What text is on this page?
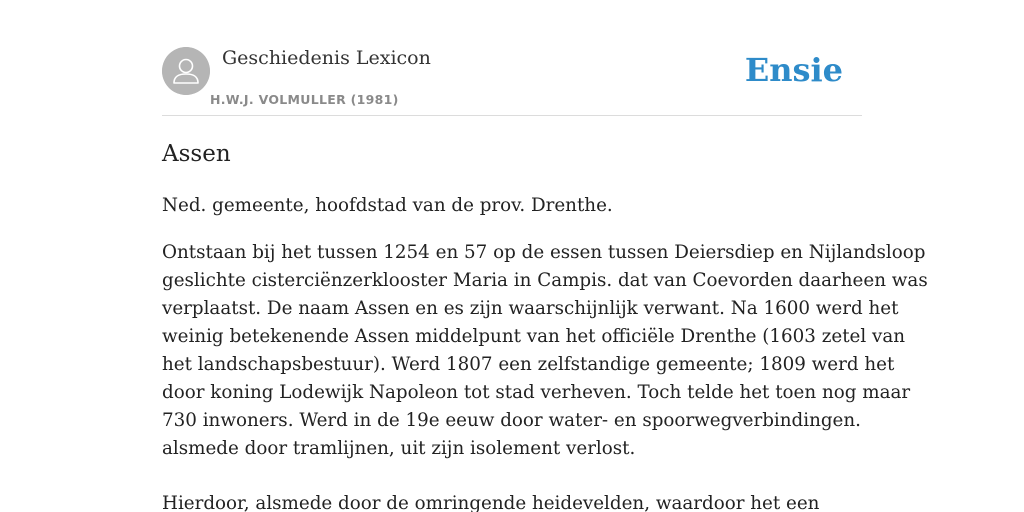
Geschiedenis Lexicon
H.W.J. VOLMULLER (1981)
Ensie
Assen

Ned. gemeente, hoofdstad van de prov. Drenthe.

Ontstaan bij het tussen 1254 en 57 op de essen tussen Deiersdiep en Nijlandsloop

geslichte cisterciënzerklooster Maria in Campis. dat van Coevorden daarheen was

verplaatst. De naam Assen en es zijn waarschijnlijk verwant. Na 1600 werd het

weinig betekenende Assen middelpunt van het officiële Drenthe (1603 zetel van

het landschapsbestuur). Werd 1807 een zelfstandige gemeente; 1809 werd het

door koning Lodewijk Napoleon tot stad verheven. Toch telde het toen nog maar

730 inwoners. Werd in de 19e eeuw door water- en spoorwegverbindingen.

alsmede door tramlijnen, uit zijn isolement verlost.

Hierdoor, alsmede door de omringende heidevelden, waardoor het een
